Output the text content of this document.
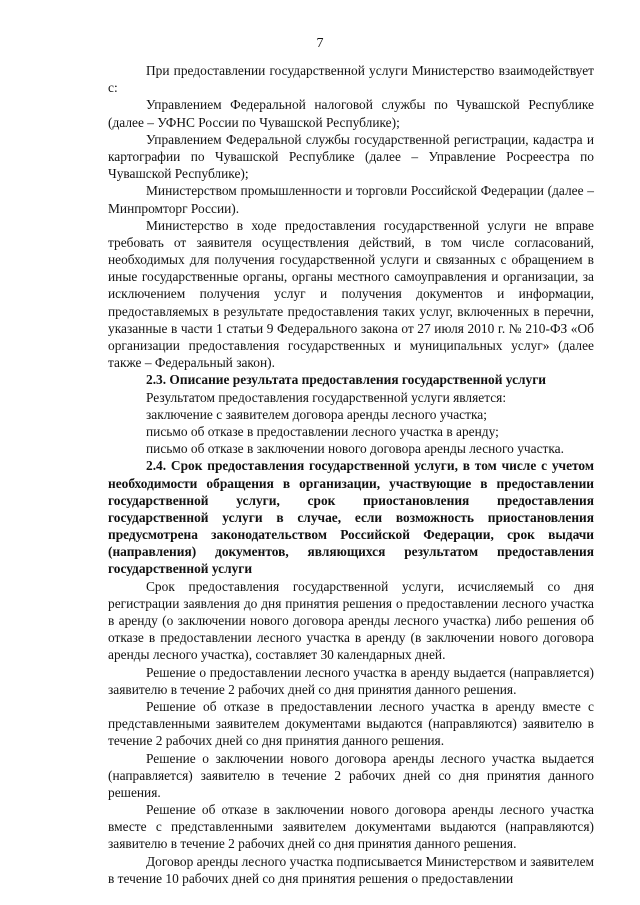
7

При предоставлении государственной услуги Министерство взаимодействует с:

Управлением Федеральной налоговой службы по Чувашской Республике (далее – УФНС России по Чувашской Республике);

Управлением Федеральной службы государственной регистрации, кадастра и картографии по Чувашской Республике (далее – Управление Росреестра по Чувашской Республике);

Министерством промышленности и торговли Российской Федерации (далее – Минпромторг России).

Министерство в ходе предоставления государственной услуги не вправе требовать от заявителя осуществления действий, в том числе согласований, необходимых для получения государственной услуги и связанных с обращением в иные государственные органы, органы местного самоуправления и организации, за исключением получения услуг и получения документов и информации, предоставляемых в результате предоставления таких услуг, включенных в перечни, указанные в части 1 статьи 9 Федерального закона от 27 июля 2010 г. № 210-ФЗ «Об организации предоставления государственных и муниципальных услуг» (далее также – Федеральный закон).

2.3. Описание результата предоставления государственной услуги

Результатом предоставления государственной услуги является:

заключение с заявителем договора аренды лесного участка;

письмо об отказе в предоставлении лесного участка в аренду;

письмо об отказе в заключении нового договора аренды лесного участка.

2.4. Срок предоставления государственной услуги, в том числе с учетом необходимости обращения в организации, участвующие в предоставлении государственной услуги, срок приостановления предоставления государственной услуги в случае, если возможность приостановления предусмотрена законодательством Российской Федерации, срок выдачи (направления) документов, являющихся результатом предоставления государственной услуги

Срок предоставления государственной услуги, исчисляемый со дня регистрации заявления до дня принятия решения о предоставлении лесного участка в аренду (о заключении нового договора аренды лесного участка) либо решения об отказе в предоставлении лесного участка в аренду (в заключении нового договора аренды лесного участка), составляет 30 календарных дней.

Решение о предоставлении лесного участка в аренду выдается (направляется) заявителю в течение 2 рабочих дней со дня принятия данного решения.

Решение об отказе в предоставлении лесного участка в аренду вместе с представленными заявителем документами выдаются (направляются) заявителю в течение 2 рабочих дней со дня принятия данного решения.

Решение о заключении нового договора аренды лесного участка выдается (направляется) заявителю в течение 2 рабочих дней со дня принятия данного решения.

Решение об отказе в заключении нового договора аренды лесного участка вместе с представленными заявителем документами выдаются (направляются) заявителю в течение 2 рабочих дней со дня принятия данного решения.

Договор аренды лесного участка подписывается Министерством и заявителем в течение 10 рабочих дней со дня принятия решения о предоставлении
